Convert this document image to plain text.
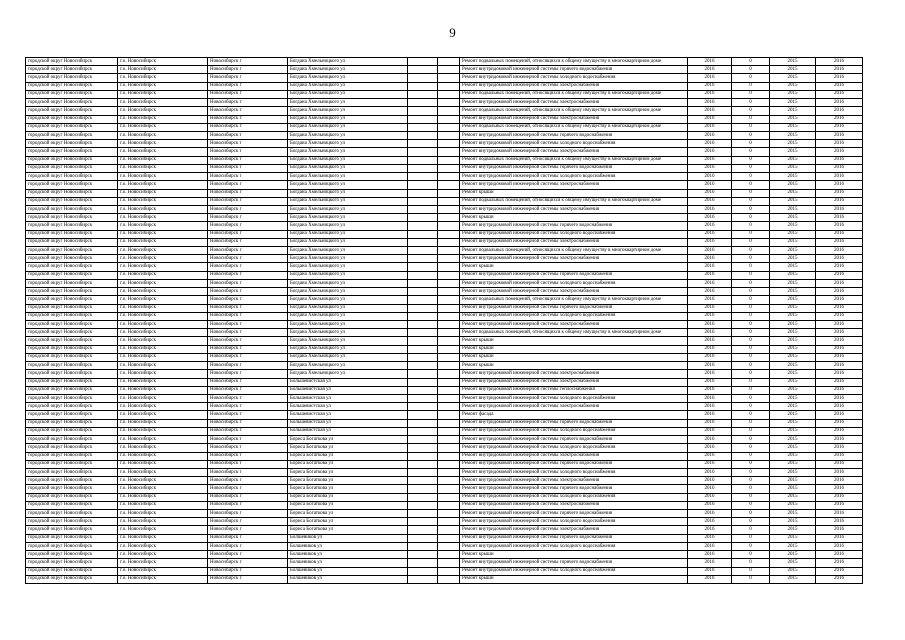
9
городской округ Новосибирск	г.о. Новосибирск	Новосибирск г	Богдана Хмельницкого ул			Ремонт подвальных помещений, относящихся к общему имуществу в многоквартирном доме	2016	0	2015	2016
городской округ Новосибирск	г.о. Новосибирск	Новосибирск г	Богдана Хмельницкого ул			Ремонт внутридомовой инженерной системы горячего водоснабжения	2016	0	2015	2016
городской округ Новосибирск	г.о. Новосибирск	Новосибирск г	Богдана Хмельницкого ул			Ремонт внутридомовой инженерной системы холодного водоснабжения	2016	0	2015	2016
городской округ Новосибирск	г.о. Новосибирск	Новосибирск г	Богдана Хмельницкого ул			Ремонт внутридомовой инженерной системы электроснабжения	2016	0	2015	2016
городской округ Новосибирск	г.о. Новосибирск	Новосибирск г	Богдана Хмельницкого ул			Ремонт подвальных помещений, относящихся к общему имуществу в многоквартирном доме	2016	0	2015	2016
городской округ Новосибирск	г.о. Новосибирск	Новосибирск г	Богдана Хмельницкого ул			Ремонт внутридомовой инженерной системы электроснабжения	2016	0	2015	2016
городской округ Новосибирск	г.о. Новосибирск	Новосибирск г	Богдана Хмельницкого ул			Ремонт подвальных помещений, относящихся к общему имуществу в многоквартирном доме	2016	0	2015	2016
городской округ Новосибирск	г.о. Новосибирск	Новосибирск г	Богдана Хмельницкого ул			Ремонт внутридомовой инженерной системы электроснабжения	2016	0	2015	2016
городской округ Новосибирск	г.о. Новосибирск	Новосибирск г	Богдана Хмельницкого ул			Ремонт подвальных помещений, относящихся к общему имуществу в многоквартирном доме	2016	0	2015	2016
городской округ Новосибирск	г.о. Новосибирск	Новосибирск г	Богдана Хмельницкого ул			Ремонт внутридомовой инженерной системы горячего водоснабжения	2016	0	2015	2016
городской округ Новосибирск	г.о. Новосибирск	Новосибирск г	Богдана Хмельницкого ул			Ремонт внутридомовой инженерной системы холодного водоснабжения	2016	0	2015	2016
городской округ Новосибирск	г.о. Новосибирск	Новосибирск г	Богдана Хмельницкого ул			Ремонт внутридомовой инженерной системы электроснабжения	2016	0	2015	2016
городской округ Новосибирск	г.о. Новосибирск	Новосибирск г	Богдана Хмельницкого ул			Ремонт подвальных помещений, относящихся к общему имуществу в многоквартирном доме	2016	0	2015	2016
городской округ Новосибирск	г.о. Новосибирск	Новосибирск г	Богдана Хмельницкого ул			Ремонт внутридомовой инженерной системы горячего водоснабжения	2016	0	2015	2016
городской округ Новосибирск	г.о. Новосибирск	Новосибирск г	Богдана Хмельницкого ул			Ремонт внутридомовой инженерной системы холодного водоснабжения	2016	0	2015	2016
городской округ Новосибирск	г.о. Новосибирск	Новосибирск г	Богдана Хмельницкого ул			Ремонт внутридомовой инженерной системы электроснабжения	2016	0	2015	2016
городской округ Новосибирск	г.о. Новосибирск	Новосибирск г	Богдана Хмельницкого ул			Ремонт крыши	2016	0	2015	2016
городской округ Новосибирск	г.о. Новосибирск	Новосибирск г	Богдана Хмельницкого ул			Ремонт подвальных помещений, относящихся к общему имуществу в многоквартирном доме	2016	0	2015	2016
городской округ Новосибирск	г.о. Новосибирск	Новосибирск г	Богдана Хмельницкого ул			Ремонт внутридомовой инженерной системы электроснабжения	2016	0	2015	2016
городской округ Новосибирск	г.о. Новосибирск	Новосибирск г	Богдана Хмельницкого ул			Ремонт крыши	2016	0	2015	2016
городской округ Новосибирск	г.о. Новосибирск	Новосибирск г	Богдана Хмельницкого ул			Ремонт внутридомовой инженерной системы горячего водоснабжения	2016	0	2015	2016
городской округ Новосибирск	г.о. Новосибирск	Новосибирск г	Богдана Хмельницкого ул			Ремонт внутридомовой инженерной системы холодного водоснабжения	2016	0	2015	2016
городской округ Новосибирск	г.о. Новосибирск	Новосибирск г	Богдана Хмельницкого ул			Ремонт внутридомовой инженерной системы электроснабжения	2016	0	2015	2016
городской округ Новосибирск	г.о. Новосибирск	Новосибирск г	Богдана Хмельницкого ул			Ремонт подвальных помещений, относящихся к общему имуществу в многоквартирном доме	2016	0	2015	2016
городской округ Новосибирск	г.о. Новосибирск	Новосибирск г	Богдана Хмельницкого ул			Ремонт внутридомовой инженерной системы электроснабжения	2016	0	2015	2016
городской округ Новосибирск	г.о. Новосибирск	Новосибирск г	Богдана Хмельницкого ул			Ремонт крыши	2016	0	2015	2016
городской округ Новосибирск	г.о. Новосибирск	Новосибирск г	Богдана Хмельницкого ул			Ремонт внутридомовой инженерной системы горячего водоснабжения	2016	0	2015	2016
городской округ Новосибирск	г.о. Новосибирск	Новосибирск г	Богдана Хмельницкого ул			Ремонт внутридомовой инженерной системы холодного водоснабжения	2016	0	2015	2016
городской округ Новосибирск	г.о. Новосибирск	Новосибирск г	Богдана Хмельницкого ул			Ремонт внутридомовой инженерной системы электроснабжения	2016	0	2015	2016
городской округ Новосибирск	г.о. Новосибирск	Новосибирск г	Богдана Хмельницкого ул			Ремонт подвальных помещений, относящихся к общему имуществу в многоквартирном доме	2016	0	2015	2016
городской округ Новосибирск	г.о. Новосибирск	Новосибирск г	Богдана Хмельницкого ул			Ремонт внутридомовой инженерной системы горячего водоснабжения	2016	0	2015	2016
городской округ Новосибирск	г.о. Новосибирск	Новосибирск г	Богдана Хмельницкого ул			Ремонт внутридомовой инженерной системы холодного водоснабжения	2016	0	2015	2016
городской округ Новосибирск	г.о. Новосибирск	Новосибирск г	Богдана Хмельницкого ул			Ремонт внутридомовой инженерной системы электроснабжения	2016	0	2015	2016
городской округ Новосибирск	г.о. Новосибирск	Новосибирск г	Богдана Хмельницкого ул			Ремонт подвальных помещений, относящихся к общему имуществу в многоквартирном доме	2016	0	2015	2016
городской округ Новосибирск	г.о. Новосибирск	Новосибирск г	Богдана Хмельницкого ул			Ремонт крыши	2016	0	2015	2016
городской округ Новосибирск	г.о. Новосибирск	Новосибирск г	Богдана Хмельницкого ул			Ремонт крыши	2016	0	2015	2016
городской округ Новосибирск	г.о. Новосибирск	Новосибирск г	Богдана Хмельницкого ул			Ремонт крыши	2016	0	2015	2016
городской округ Новосибирск	г.о. Новосибирск	Новосибирск г	Богдана Хмельницкого ул			Ремонт крыши	2016	0	2015	2016
городской округ Новосибирск	г.о. Новосибирск	Новосибирск г	Богдана Хмельницкого ул			Ремонт внутридомовой инженерной системы электроснабжения	2016	0	2015	2016
городской округ Новосибирск	г.о. Новосибирск	Новосибирск г	Большевистская ул			Ремонт внутридомовой инженерной системы электроснабжения	2016	0	2015	2016
городской округ Новосибирск	г.о. Новосибирск	Новосибирск г	Большевистская ул			Ремонт внутридомовой инженерной системы теплоснабжения	2016	0	2015	2016
городской округ Новосибирск	г.о. Новосибирск	Новосибирск г	Большевистская ул			Ремонт внутридомовой инженерной системы холодного водоснабжения	2016	0	2015	2016
городской округ Новосибирск	г.о. Новосибирск	Новосибирск г	Большевистская ул			Ремонт внутридомовой инженерной системы электроснабжения	2016	0	2015	2016
городской округ Новосибирск	г.о. Новосибирск	Новосибирск г	Большевистская ул			Ремонт фасада	2016	0	2015	2016
городской округ Новосибирск	г.о. Новосибирск	Новосибирск г	Большевистская ул			Ремонт внутридомовой инженерной системы горячего водоснабжения	2016	0	2015	2016
городской округ Новосибирск	г.о. Новосибирск	Новосибирск г	Большевистская ул			Ремонт внутридомовой инженерной системы холодного водоснабжения	2016	0	2015	2016
городской округ Новосибирск	г.о. Новосибирск	Новосибирск г	Бориса Богаткова ул			Ремонт внутридомовой инженерной системы горячего водоснабжения	2016	0	2015	2016
городской округ Новосибирск	г.о. Новосибирск	Новосибирск г	Бориса Богаткова ул			Ремонт внутридомовой инженерной системы холодного водоснабжения	2016	0	2015	2016
городской округ Новосибирск	г.о. Новосибирск	Новосибирск г	Бориса Богаткова ул			Ремонт внутридомовой инженерной системы электроснабжения	2016	0	2015	2016
городской округ Новосибирск	г.о. Новосибирск	Новосибирск г	Бориса Богаткова ул			Ремонт внутридомовой инженерной системы горячего водоснабжения	2016	0	2015	2016
городской округ Новосибирск	г.о. Новосибирск	Новосибирск г	Бориса Богаткова ул			Ремонт внутридомовой инженерной системы холодного водоснабжения	2016	0	2015	2016
городской округ Новосибирск	г.о. Новосибирск	Новосибирск г	Бориса Богаткова ул			Ремонт внутридомовой инженерной системы электроснабжения	2016	0	2015	2016
городской округ Новосибирск	г.о. Новосибирск	Новосибирск г	Бориса Богаткова ул			Ремонт внутридомовой инженерной системы горячего водоснабжения	2016	0	2015	2016
городской округ Новосибирск	г.о. Новосибирск	Новосибирск г	Бориса Богаткова ул			Ремонт внутридомовой инженерной системы холодного водоснабжения	2016	0	2015	2016
городской округ Новосибирск	г.о. Новосибирск	Новосибирск г	Бориса Богаткова ул			Ремонт внутридомовой инженерной системы электроснабжения	2016	0	2015	2016
городской округ Новосибирск	г.о. Новосибирск	Новосибирск г	Бориса Богаткова ул			Ремонт внутридомовой инженерной системы горячего водоснабжения	2016	0	2015	2016
городской округ Новосибирск	г.о. Новосибирск	Новосибирск г	Бориса Богаткова ул			Ремонт внутридомовой инженерной системы холодного водоснабжения	2016	0	2015	2016
городской округ Новосибирск	г.о. Новосибирск	Новосибирск г	Бориса Богаткова ул			Ремонт внутридомовой инженерной системы электроснабжения	2016	0	2015	2016
городской округ Новосибирск	г.о. Новосибирск	Новосибирск г	Болшевиков ул			Ремонт внутридомовой инженерной системы горячего водоснабжения	2016	0	2015	2016
городской округ Новосибирск	г.о. Новосибирск	Новосибирск г	Болшевиков ул			Ремонт внутридомовой инженерной системы холодного водоснабжения	2016	0	2015	2016
городской округ Новосибирск	г.о. Новосибирск	Новосибирск г	Болшевиков ул			Ремонт крыши	2016	0	2015	2016
городской округ Новосибирск	г.о. Новосибирск	Новосибирск г	Болшевиков ул			Ремонт внутридомовой инженерной системы горячего водоснабжения	2016	0	2015	2016
городской округ Новосибирск	г.о. Новосибирск	Новосибирск г	Болшевиков ул			Ремонт внутридомовой инженерной системы холодного водоснабжения	2016	0	2015	2016
городской округ Новосибирск	г.о. Новосибирск	Новосибирск г	Болшевиков ул			Ремонт крыши	2016	0	2015	2016
